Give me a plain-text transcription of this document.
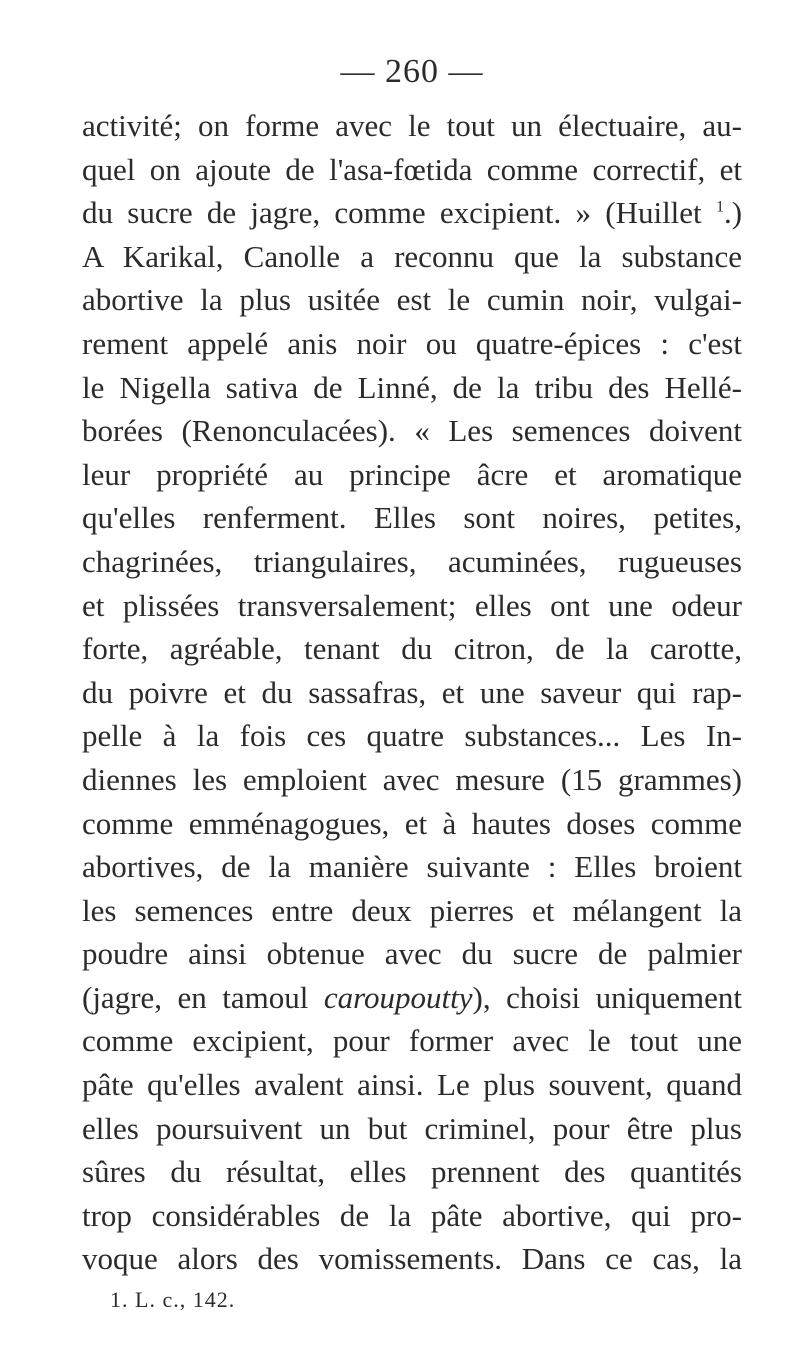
— 260 —
activité; on forme avec le tout un électuaire, au-
quel on ajoute de l'asa-fœtida comme correctif, et
du sucre de jagre, comme excipient. » (Huillet $^1$.)
A Karikal, Canolle a reconnu que la substance
abortive la plus usitée est le cumin noir, vulgai-
rement appelé anis noir ou quatre-épices : c'est
le Nigella sativa de Linné, de la tribu des Hellé-
borées (Renonculacées). « Les semences doivent
leur propriété au principe âcre et aromatique
qu'elles renferment. Elles sont noires, petites,
chagrinées, triangulaires, acuminées, rugueuses
et plissées transversalement; elles ont une odeur
forte, agréable, tenant du citron, de la carotte,
du poivre et du sassafras, et une saveur qui rap-
pelle à la fois ces quatre substances... Les In-
diennes les emploient avec mesure (15 grammes)
comme emménagogues, et à hautes doses comme
abortives, de la manière suivante : Elles broient
les semences entre deux pierres et mélangent la
poudre ainsi obtenue avec du sucre de palmier
(jagre, en tamoul caroupoutty), choisi uniquement
comme excipient, pour former avec le tout une
pâte qu'elles avalent ainsi. Le plus souvent, quand
elles poursuivent un but criminel, pour être plus
sûres du résultat, elles prennent des quantités
trop considérables de la pâte abortive, qui pro-
voque alors des vomissements. Dans ce cas, la
1. L. c., 142.
